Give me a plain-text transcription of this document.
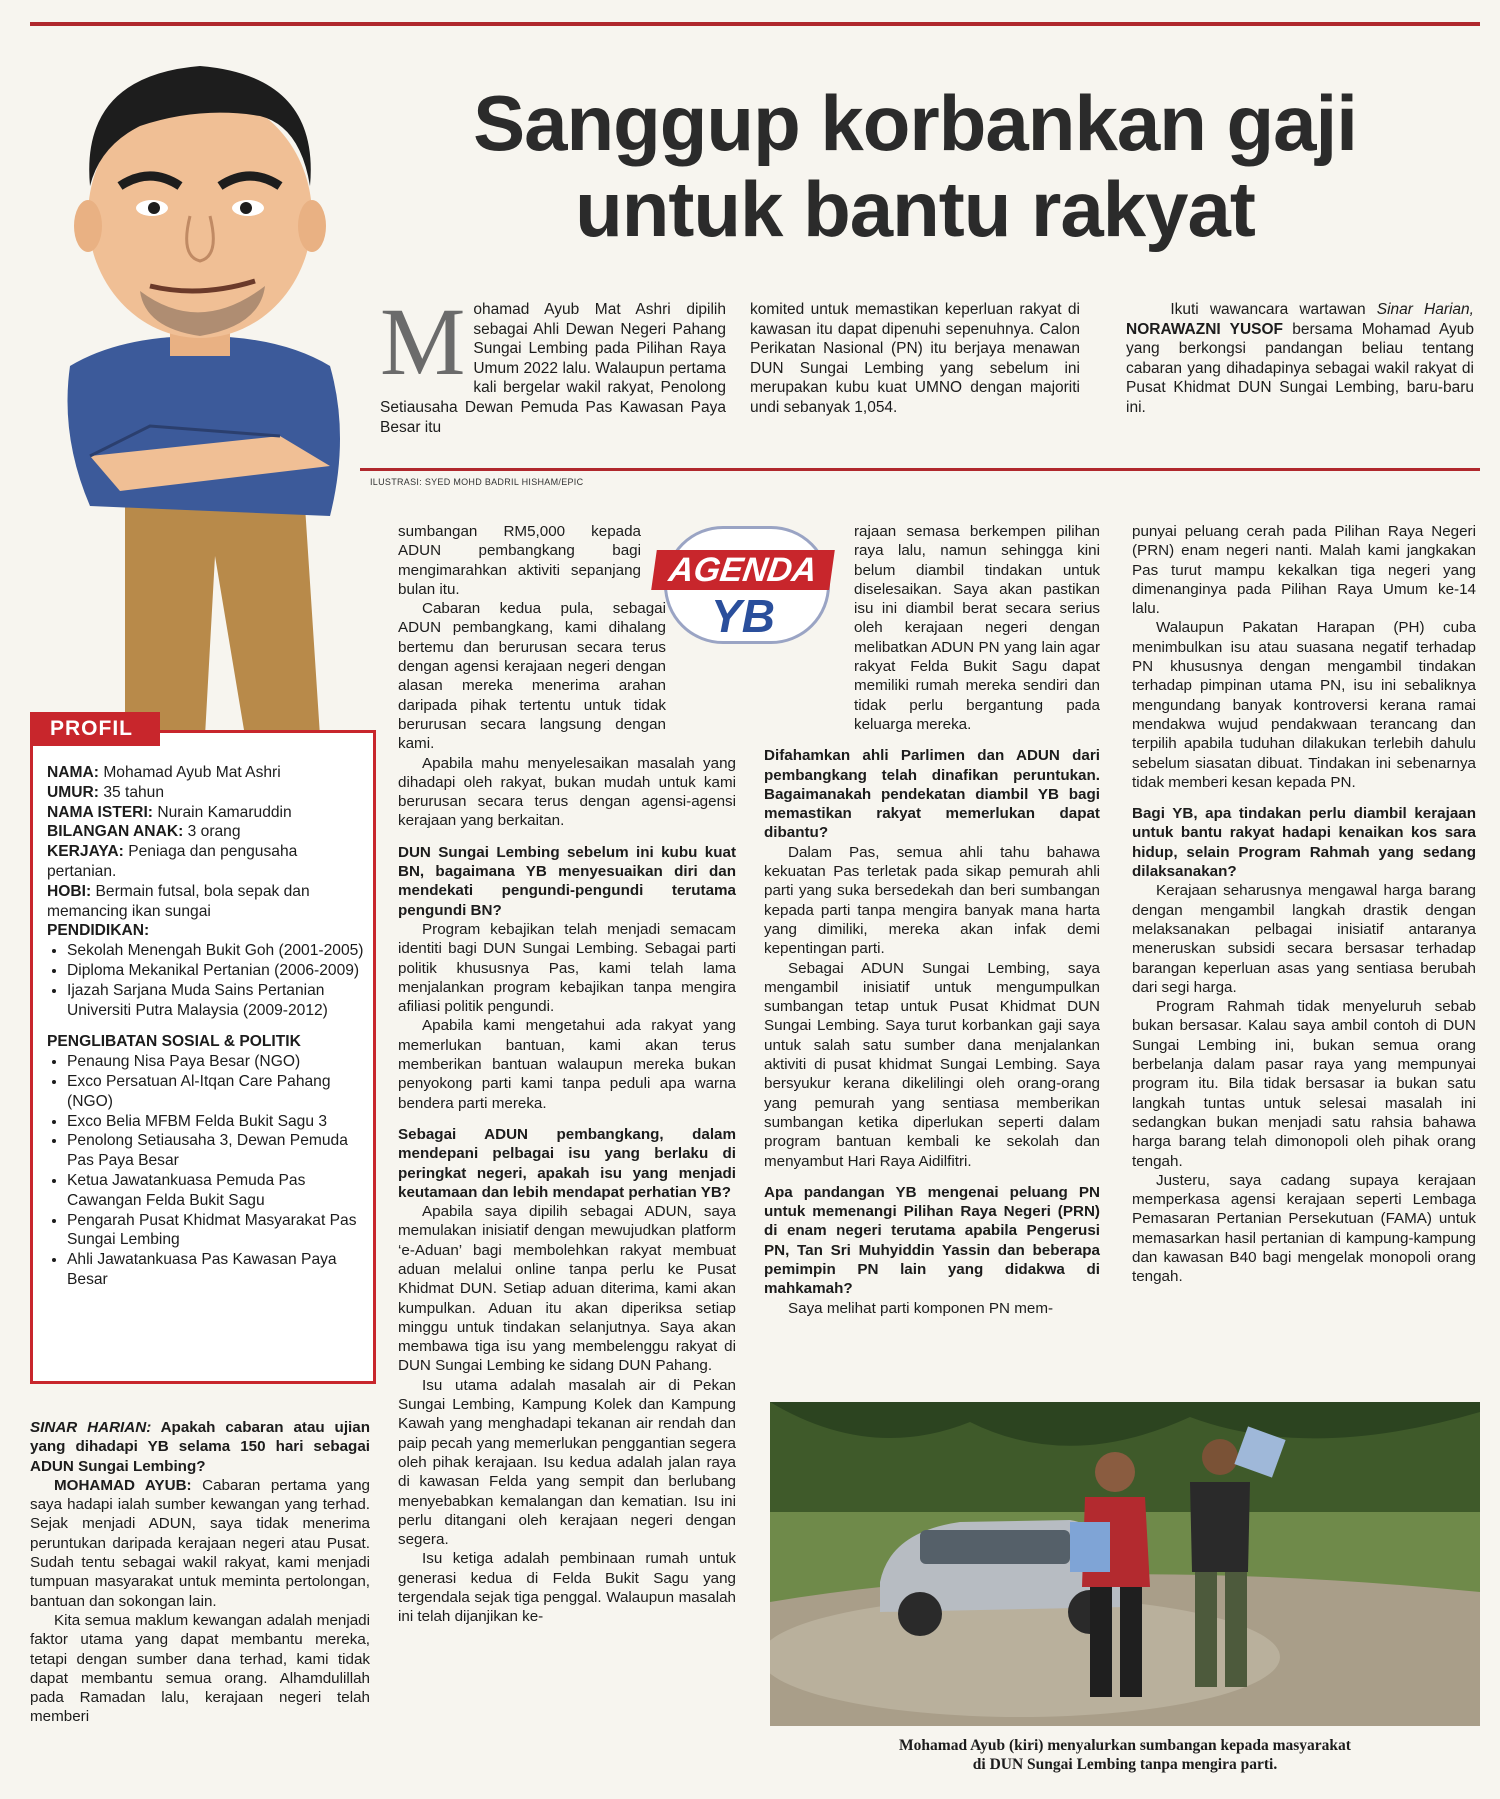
Sanggup korbankan gaji
untuk bantu rakyat
Mohamad Ayub Mat Ashri dipilih sebagai Ahli Dewan Negeri Pahang Sungai Lembing pada Pilihan Raya Umum 2022 lalu. Walaupun pertama kali bergelar wakil rakyat, Penolong Setiausaha Dewan Pemuda Pas Kawasan Paya Besar itu
komited untuk memastikan keperluan rakyat di kawasan itu dapat dipenuhi sepenuhnya. Calon Perikatan Nasional (PN) itu berjaya menawan DUN Sungai Lembing yang sebelum ini merupakan kubu kuat UMNO dengan majoriti undi sebanyak 1,054.
Ikuti wawancara wartawan Sinar Harian, NORAWAZNI YUSOF bersama Mohamad Ayub yang berkongsi pandangan beliau tentang cabaran yang dihadapinya sebagai wakil rakyat di Pusat Khidmat DUN Sungai Lembing, baru-baru ini.
ILUSTRASI: SYED MOHD BADRIL HISHAM/EPIC
AGENDA
YB
NAMA: Mohamad Ayub Mat Ashri
UMUR: 35 tahun
NAMA ISTERI: Nurain Kamaruddin
BILANGAN ANAK: 3 orang
KERJAYA: Peniaga dan pengusaha pertanian.
HOBI: Bermain futsal, bola sepak dan memancing ikan sungai
PENDIDIKAN:
• Sekolah Menengah Bukit Goh (2001-2005)
• Diploma Mekanikal Pertanian (2006-2009)
• Ijazah Sarjana Muda Sains Pertanian Universiti Putra Malaysia (2009-2012)
PENGLIBATAN SOSIAL & POLITIK
• Penaung Nisa Paya Besar (NGO)
• Exco Persatuan Al-Itqan Care Pahang (NGO)
• Exco Belia MFBM Felda Bukit Sagu 3
• Penolong Setiausaha 3, Dewan Pemuda Pas Paya Besar
• Ketua Jawatankuasa Pemuda Pas Cawangan Felda Bukit Sagu
• Pengarah Pusat Khidmat Masyarakat Pas Sungai Lembing
• Ahli Jawatankuasa Pas Kawasan Paya Besar
PROFIL

SINAR HARIAN: Apakah cabaran atau ujian yang dihadapi YB selama 150 hari sebagai ADUN Sungai Lembing?

MOHAMAD AYUB: Cabaran pertama yang saya hadapi ialah sumber kewangan yang terhad. Sejak menjadi ADUN, saya tidak menerima peruntukan daripada kerajaan negeri atau Pusat. Sudah tentu sebagai wakil rakyat, kami menjadi tumpuan masyarakat untuk meminta pertolongan, bantuan dan sokongan lain.

Kita semua maklum kewangan adalah menjadi faktor utama yang dapat membantu mereka, tetapi dengan sumber dana terhad, kami tidak dapat membantu semua orang. Alhamdulillah pada Ramadan lalu, kerajaan negeri telah memberi

sumbangan RM5,000 kepada ADUN pembangkang bagi mengimarahkan aktiviti sepanjang bulan itu.

Cabaran kedua pula, sebagai ADUN pembangkang, kami dihalang bertemu dan berurusan secara terus dengan agensi kerajaan negeri dengan alasan mereka menerima arahan daripada pihak tertentu untuk tidak berurusan secara langsung dengan kami.

Apabila mahu menyelesaikan masalah yang dihadapi oleh rakyat, bukan mudah untuk kami berurusan secara terus dengan agensi-agensi kerajaan yang berkaitan.

DUN Sungai Lembing sebelum ini kubu kuat BN, bagaimana YB menyesuaikan diri dan mendekati pengundi-pengundi terutama pengundi BN?

Program kebajikan telah menjadi semacam identiti bagi DUN Sungai Lembing. Sebagai parti politik khususnya Pas, kami telah lama menjalankan program kebajikan tanpa mengira afiliasi politik pengundi.

Apabila kami mengetahui ada rakyat yang memerlukan bantuan, kami akan terus memberikan bantuan walaupun mereka bukan penyokong parti kami tanpa peduli apa warna bendera parti mereka.

Sebagai ADUN pembangkang, dalam mendepani pelbagai isu yang berlaku di peringkat negeri, apakah isu yang menjadi keutamaan dan lebih mendapat perhatian YB?

Apabila saya dipilih sebagai ADUN, saya memulakan inisiatif dengan mewujudkan platform ‘e-Aduan’ bagi membolehkan rakyat membuat aduan melalui online tanpa perlu ke Pusat Khidmat DUN. Setiap aduan diterima, kami akan kumpulkan. Aduan itu akan diperiksa setiap minggu untuk tindakan selanjutnya. Saya akan membawa tiga isu yang membelenggu rakyat di DUN Sungai Lembing ke sidang DUN Pahang.

Isu utama adalah masalah air di Pekan Sungai Lembing, Kampung Kolek dan Kampung Kawah yang menghadapi tekanan air rendah dan paip pecah yang memerlukan penggantian segera oleh pihak kerajaan. Isu kedua adalah jalan raya di kawasan Felda yang sempit dan berlubang menyebabkan kemalangan dan kematian. Isu ini perlu ditangani oleh kerajaan negeri dengan segera.

Isu ketiga adalah pembinaan rumah untuk generasi kedua di Felda Bukit Sagu yang tergendala sejak tiga penggal. Walaupun masalah ini telah dijanjikan ke-

rajaan semasa berkempen pilihan raya lalu, namun sehingga kini belum diambil tindakan untuk diselesaikan. Saya akan pastikan isu ini diambil berat secara serius oleh kerajaan negeri dengan melibatkan ADUN PN yang lain agar rakyat Felda Bukit Sagu dapat memiliki rumah mereka sendiri dan tidak perlu bergantung pada keluarga mereka.

Difahamkan ahli Parlimen dan ADUN dari pembangkang telah dinafikan peruntukan. Bagaimanakah pendekatan diambil YB bagi memastikan rakyat memerlukan dapat dibantu?

Dalam Pas, semua ahli tahu bahawa kekuatan Pas terletak pada sikap pemurah ahli parti yang suka bersedekah dan beri sumbangan kepada parti tanpa mengira banyak mana harta yang dimiliki, mereka akan infak demi kepentingan parti.

Sebagai ADUN Sungai Lembing, saya mengambil inisiatif untuk mengumpulkan sumbangan tetap untuk Pusat Khidmat DUN Sungai Lembing. Saya turut korbankan gaji saya untuk salah satu sumber dana menjalankan aktiviti di pusat khidmat Sungai Lembing. Saya bersyukur kerana dikelilingi oleh orang-orang yang pemurah yang sentiasa memberikan sumbangan ketika diperlukan seperti dalam program bantuan kembali ke sekolah dan menyambut Hari Raya Aidilfitri.

Apa pandangan YB mengenai peluang PN untuk memenangi Pilihan Raya Negeri (PRN) di enam negeri terutama apabila Pengerusi PN, Tan Sri Muhyiddin Yassin dan beberapa pemimpin PN lain yang didakwa di mahkamah?

Saya melihat parti komponen PN mem-

punyai peluang cerah pada Pilihan Raya Negeri (PRN) enam negeri nanti. Malah kami jangkakan Pas turut mampu kekalkan tiga negeri yang dimenanginya pada Pilihan Raya Umum ke-14 lalu.

Walaupun Pakatan Harapan (PH) cuba menimbulkan isu atau suasana negatif terhadap PN khususnya dengan mengambil tindakan terhadap pimpinan utama PN, isu ini sebaliknya mengundang banyak kontroversi kerana ramai mendakwa wujud pendakwaan terancang dan terpilih apabila tuduhan dilakukan terlebih dahulu sebelum siasatan dibuat. Tindakan ini sebenarnya tidak memberi kesan kepada PN.

Bagi YB, apa tindakan perlu diambil kerajaan untuk bantu rakyat hadapi kenaikan kos sara hidup, selain Program Rahmah yang sedang dilaksanakan?

Kerajaan seharusnya mengawal harga barang dengan mengambil langkah drastik dengan melaksanakan pelbagai inisiatif antaranya meneruskan subsidi secara bersasar terhadap barangan keperluan asas yang sentiasa berubah dari segi harga.

Program Rahmah tidak menyeluruh sebab bukan bersasar. Kalau saya ambil contoh di DUN Sungai Lembing ini, bukan semua orang berbelanja dalam pasar raya yang mempunyai program itu. Bila tidak bersasar ia bukan satu langkah tuntas untuk selesai masalah ini sedangkan bukan menjadi satu rahsia bahawa harga barang telah dimonopoli oleh pihak orang tengah.

Justeru, saya cadang supaya kerajaan memperkasa agensi kerajaan seperti Lembaga Pemasaran Pertanian Persekutuan (FAMA) untuk memasarkan hasil pertanian di kampung-kampung dan kawasan B40 bagi mengelak monopoli orang tengah.

Mohamad Ayub (kiri) menyalurkan sumbangan kepada masyarakat
di DUN Sungai Lembing tanpa mengira parti.
